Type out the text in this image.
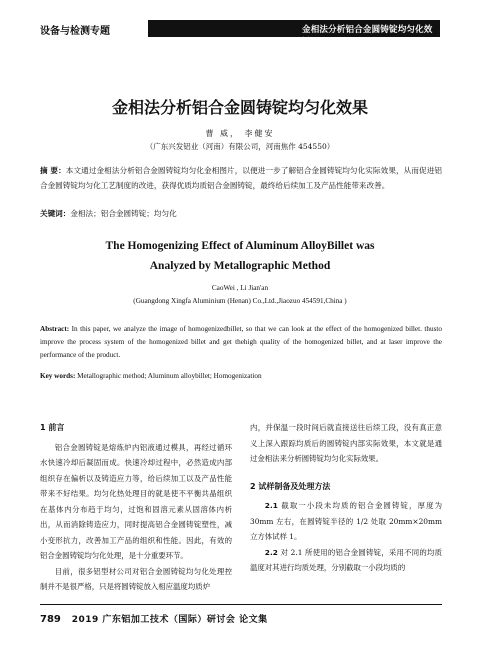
设备与检测专题	金相法分析铝合金圆铸锭均匀化效果
金相法分析铝合金圆铸锭均匀化效果
曹 威， 李健安
（广东兴发铝业（河南）有限公司，河南焦作 454550）
摘 要：本文通过金相法分析铝合金圆铸锭均匀化金相图片，以便进一步了解铝合金圆铸锭均匀化实际效果，从而促进铝合金圆铸锭均匀化工艺制度的改进，获得优质均质铝合金圆铸锭，最终给后续加工及产品性能带来改善。
关键词：金相法；铝合金圆铸锭；均匀化
The Homogenizing Effect of Aluminum AlloyBillet was
Analyzed by Metallographic Method
CaoWei , Li Jian'an
(Guangdong Xingfa Aluminium (Henan) Co.,Ltd.,Jiaozuo 454591,China )
Abstract: In this paper, we analyze the image of homogenizedbillet, so that we can look at the effect of the homogenized billet. thusto improve the process system of the homogenized billet and get thehigh quality of the homogenized billet, and at laser improve the performance of the product.
Key words: Metallographic method; Aluminum alloybillet; Homogenization
1 前言

铝合金圆铸锭是熔炼炉内铝液通过模具，再经过循环水快速冷却后凝固而成。快速冷却过程中，必然造成内部组织存在偏析以及铸造应力等，给后续加工以及产品性能带来不好结果。均匀化热处理目的就是使不平衡共晶组织在基体内分布趋于均匀，过饱和固溶元素从固溶体内析出，从而消除铸造应力，同时提高铝合金圆铸锭塑性，减小变形抗力，改善加工产品的组织和性能。因此，有效的铝合金圆铸锭均匀化处理，是十分重要环节。

目前，很多铝型材公司对铝合金圆铸锭均匀化处理控制并不是很严格，只是将圆铸锭放入相应温度均质炉

内，并保温一段时间后就直接送往后续工段，没有真正意义上深入跟踪均质后的圆铸锭内部实际效果，本文就是通过金相法来分析圆铸锭均匀化实际效果。

2 试样制备及处理方法

2.1 截取一小段未均质的铝合金圆铸锭，厚度为 30mm 左右，在圆铸锭半径的 1/2 处取 20mm×20mm 立方体试样 1。

2.2 对 2.1 所使用的铝合金圆铸锭，采用不同的均质温度对其进行均质处理，分别截取一小段均质的

789 2019 广东铝加工技术（国际）研讨会 论文集
